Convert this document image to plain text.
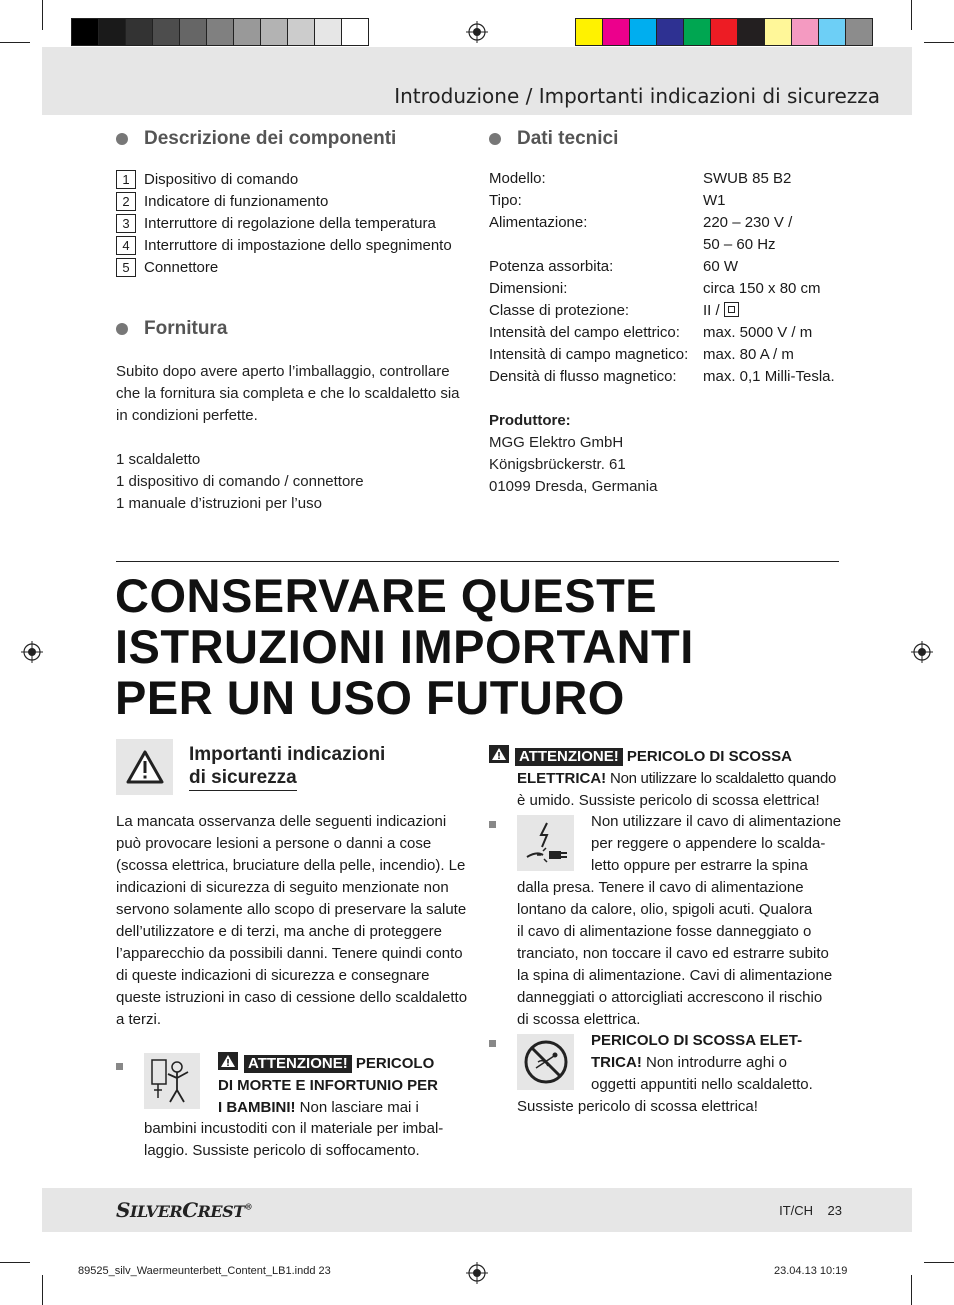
Introduzione / Importanti indicazioni di sicurezza
Descrizione dei componenti
1 Dispositivo di comando
2 Indicatore di funzionamento
3 Interruttore di regolazione della temperatura
4 Interruttore di impostazione dello spegnimento
5 Connettore
Fornitura

Subito dopo avere aperto l’imballaggio, controllare che la fornitura sia completa e che lo scaldaletto sia in condizioni perfette.

1 scaldaletto
1 dispositivo di comando / connettore
1 manuale d’istruzioni per l’uso
Dati tecnici
Modello:	SWUB 85 B2
Tipo:	W1
Alimentazione:	220 – 230 V /
50 – 60 Hz
Potenza assorbita:	60 W
Dimensioni:	circa 150 x 80 cm
Classe di protezione:	II /
Intensità del campo elettrico:	max. 5000 V / m
Intensità di campo magnetico: max. 80 A / m
Densità di flusso magnetico:	max. 0,1 Milli-Tesla.
Produttore:
MGG Elektro GmbH
Königsbrückerstr. 61
01099 Dresda, Germania
CONSERVARE QUESTE
ISTRUZIONI IMPORTANTI
PER UN USO FUTURO
Importanti indicazioni
di sicurezza

La mancata osservanza delle seguenti indicazioni può provocare lesioni a persone o danni a cose (scossa elettrica, bruciature della pelle, incendio). Le indicazioni di sicurezza di seguito menzionate non servono solamente allo scopo di preservare la salute dell’utilizzatore e di terzi, ma anche di proteggere l’apparecchio da possibili danni. Tenere quindi conto di queste indicazioni di sicurezza e consegnare queste istruzioni in caso di cessione dello scaldaletto a terzi.

ATTENZIONE! PERICOLO
DI MORTE E INFORTUNIO PER
I BAMBINI! Non lasciare mai i
bambini incustoditi con il materiale per imbal-
laggio. Sussiste pericolo di soffocamento.
ATTENZIONE! PERICOLO DI SCOSSA
ELETTRICA! Non utilizzare lo scaldaletto quando
è umido. Sussiste pericolo di scossa elettrica!
Non utilizzare il cavo di alimentazione
per reggere o appendere lo scalda-
letto oppure per estrarre la spina
dalla presa. Tenere il cavo di alimentazione
lontano da calore, olio, spigoli acuti. Qualora
il cavo di alimentazione fosse danneggiato o
tranciato, non toccare il cavo ed estrarre subito
la spina di alimentazione. Cavi di alimentazione
danneggiati o attorcigliati accrescono il rischio
di scossa elettrica.
PERICOLO DI SCOSSA ELET-
TRICA! Non introdurre aghi o
oggetti appuntiti nello scaldaletto.
Sussiste pericolo di scossa elettrica!
SILVERCREST®	IT/CH 23
89525_silv_Waermeunterbett_Content_LB1.indd 23	23.04.13 10:19
